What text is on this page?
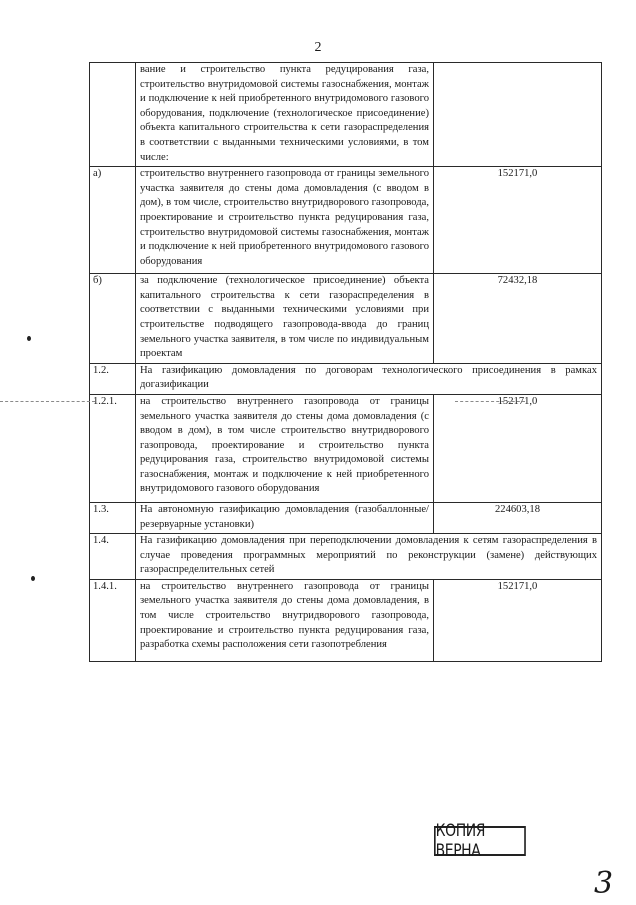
2
	вание и строительство пункта редуцирования газа, строительство внутридомовой системы газоснабжения, монтаж и подключение к ней приобретенного внутридомового газового оборудования, подключение (технологическое присоединение) объекта капитального строительства к сети газораспределения в соответствии с выданными техническими условиями, в том числе:	
а)	строительство внутреннего газопровода от границы земельного участка заявителя до стены дома домовладения (с вводом в дом), в том числе, строительство внутридворового газопровода, проектирование и строительство пункта редуцирования газа, строительство внутридомовой системы газоснабжения, монтаж и подключение к ней приобретенного внутридомового газового оборудования	152171,0
б)	за подключение (технологическое присоединение) объекта капитального строительства к сети газораспределения в соответствии с выданными техническими условиями при строительстве подводящего газопровода-ввода до границ земельного участка заявителя, в том числе по индивидуальным проектам	72432,18
1.2.	На газификацию домовладения по договорам технологического присоединения в рамках догазификации	
1.2.1.	на строительство внутреннего газопровода от границы земельного участка заявителя до стены дома домовладения (с вводом в дом), в том числе строительство внутридворового газопровода, проектирование и строительство пункта редуцирования газа, строительство внутридомовой системы газоснабжения, монтаж и подключение к ней приобретенного внутридомового газового оборудования	152171,0
1.3.	На автономную газификацию домовладения (газобаллонные/резервуарные установки)	224603,18
1.4.	На газификацию домовладения при переподключении домовладения к сетям газораспределения в случае проведения программных мероприятий по реконструкции (замене) действующих газораспределительных сетей	
1.4.1.	на строительство внутреннего газопровода от границы земельного участка заявителя до стены дома домовладения, в том числе строительство внутридворового газопровода, проектирование и строительство пункта редуцирования газа, разработка схемы расположения сети газопотребления	152171,0
КОПИЯ ВЕРНА
3
